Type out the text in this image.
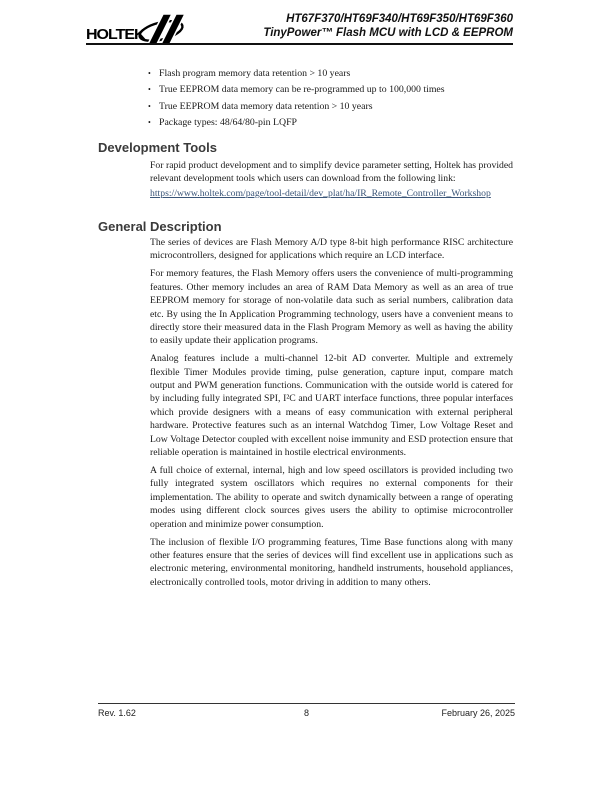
HOLTEK
HT67F370/HT69F340/HT69F350/HT69F360
TinyPower™ Flash MCU with LCD & EEPROM
• Flash program memory data retention > 10 years
• True EEPROM data memory can be re-programmed up to 100,000 times
• True EEPROM data memory data retention > 10 years
• Package types: 48/64/80-pin LQFP
Development Tools
For rapid product development and to simplify device parameter setting, Holtek has provided relevant development tools which users can download from the following link:
https://www.holtek.com/page/tool-detail/dev_plat/ha/IR_Remote_Controller_Workshop
General Description

The series of devices are Flash Memory A/D type 8-bit high performance RISC architecture microcontrollers, designed for applications which require an LCD interface.

For memory features, the Flash Memory offers users the convenience of multi-programming features. Other memory includes an area of RAM Data Memory as well as an area of true EEPROM memory for storage of non-volatile data such as serial numbers, calibration data etc. By using the In Application Programming technology, users have a convenient means to directly store their measured data in the Flash Program Memory as well as having the ability to easily update their application programs.

Analog features include a multi-channel 12-bit AD converter. Multiple and extremely flexible Timer Modules provide timing, pulse generation, capture input, compare match output and PWM generation functions. Communication with the outside world is catered for by including fully integrated SPI, I²C and UART interface functions, three popular interfaces which provide designers with a means of easy communication with external peripheral hardware. Protective features such as an internal Watchdog Timer, Low Voltage Reset and Low Voltage Detector coupled with excellent noise immunity and ESD protection ensure that reliable operation is maintained in hostile electrical environments.

A full choice of external, internal, high and low speed oscillators is provided including two fully integrated system oscillators which requires no external components for their implementation. The ability to operate and switch dynamically between a range of operating modes using different clock sources gives users the ability to optimise microcontroller operation and minimize power consumption.

The inclusion of flexible I/O programming features, Time Base functions along with many other features ensure that the series of devices will find excellent use in applications such as electronic metering, environmental monitoring, handheld instruments, household appliances, electronically controlled tools, motor driving in addition to many others.

Rev. 1.62	8	February 26, 2025
